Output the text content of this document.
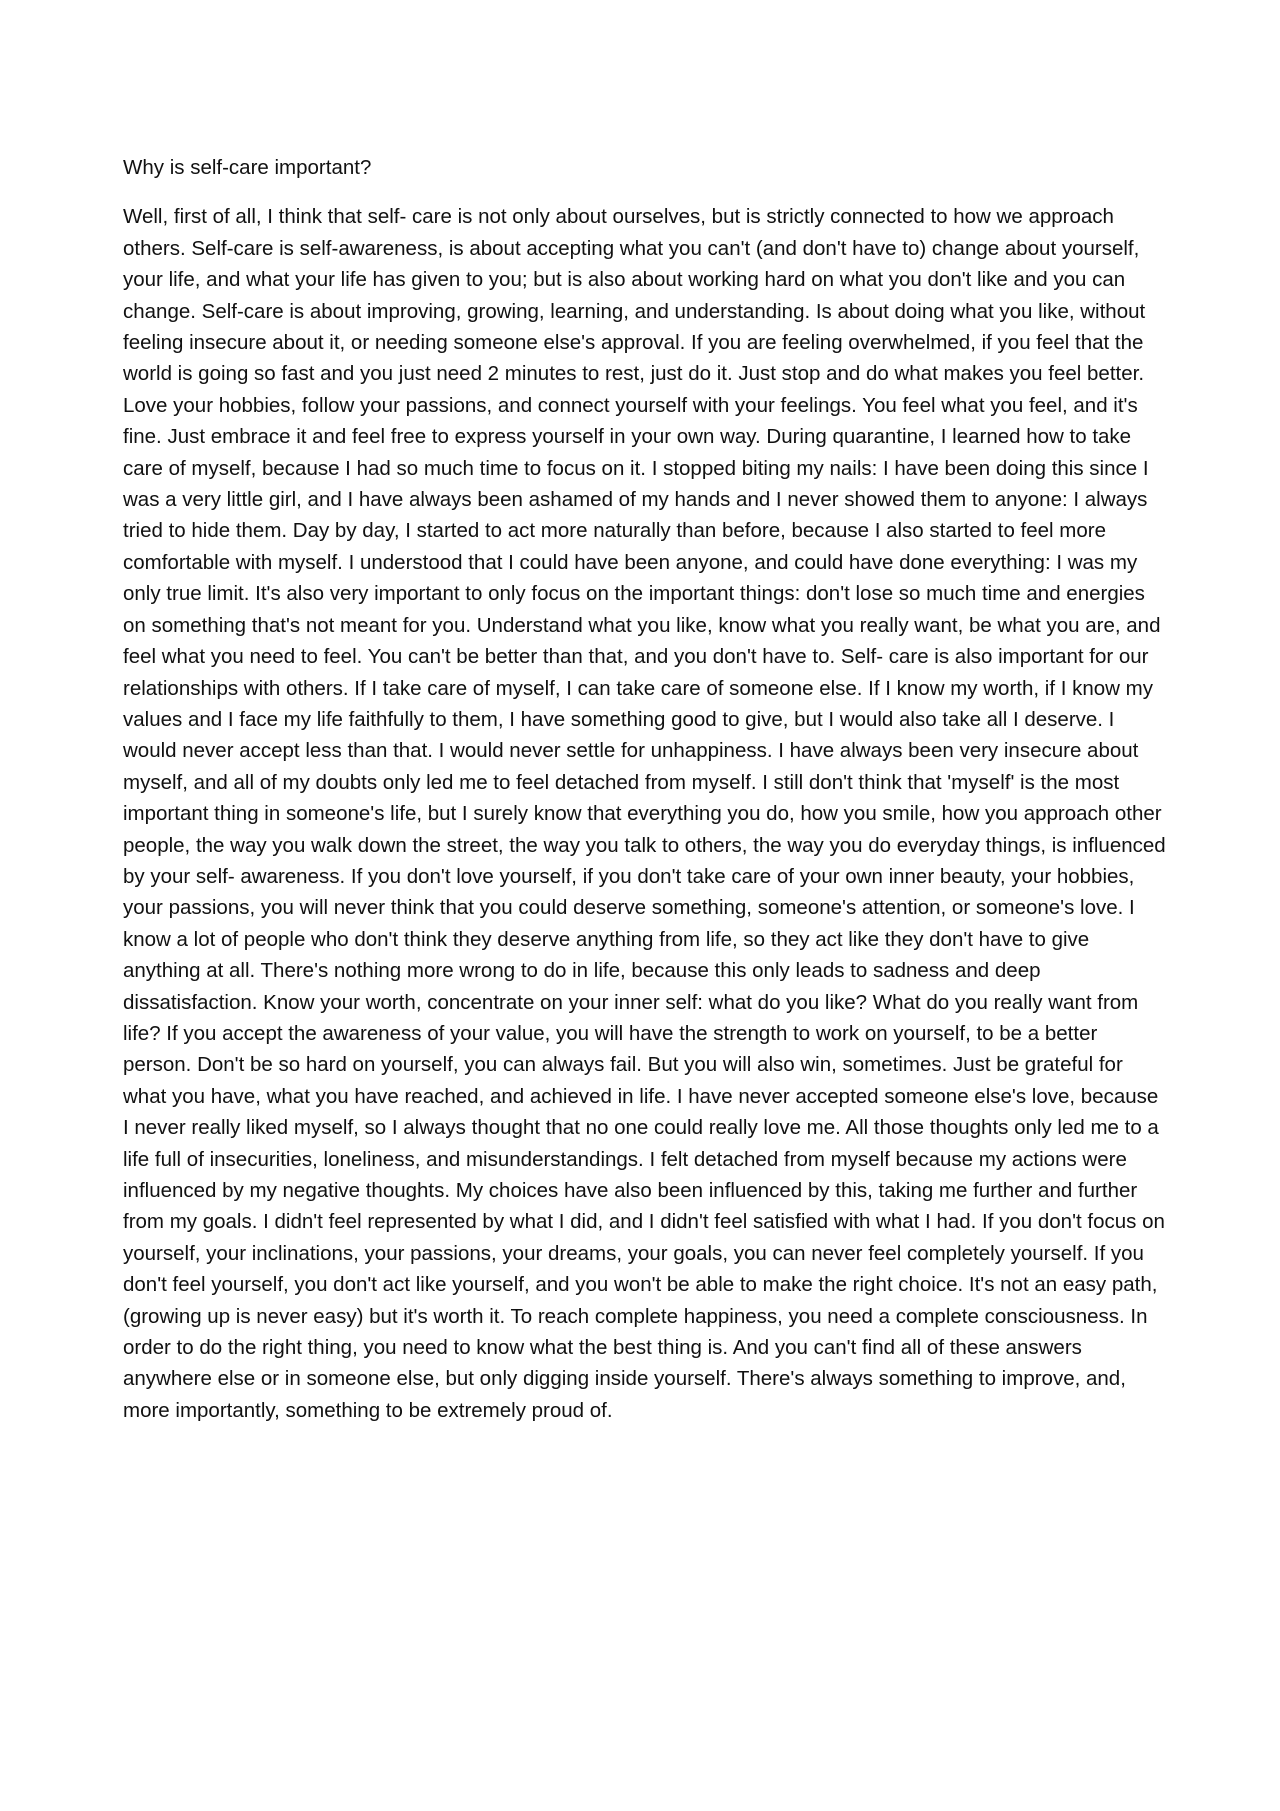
Why is self-care important?

Well, first of all, I think that self- care is not only about ourselves, but is strictly connected to how we approach others. Self-care is self-awareness, is about accepting what you can't (and don't have to) change about yourself, your life, and what your life has given to you; but is also about working hard on what you don't like and you can change. Self-care is about improving, growing, learning, and understanding. Is about doing what you like, without feeling insecure about it, or needing someone else's approval. If you are feeling overwhelmed, if you feel that the world is going so fast and you just need 2 minutes to rest, just do it. Just stop and do what makes you feel better. Love your hobbies, follow your passions, and connect yourself with your feelings. You feel what you feel, and it's fine. Just embrace it and feel free to express yourself in your own way. During quarantine, I learned how to take care of myself, because I had so much time to focus on it. I stopped biting my nails: I have been doing this since I was a very little girl, and I have always been ashamed of my hands and I never showed them to anyone: I always tried to hide them. Day by day, I started to act more naturally than before, because I also started to feel more comfortable with myself. I understood that I could have been anyone, and could have done everything: I was my only true limit. It's also very important to only focus on the important things: don't lose so much time and energies on something that's not meant for you. Understand what you like, know what you really want, be what you are, and feel what you need to feel. You can't be better than that, and you don't have to. Self- care is also important for our relationships with others. If I take care of myself, I can take care of someone else. If I know my worth, if I know my values and I face my life faithfully to them, I have something good to give, but I would also take all I deserve. I would never accept less than that. I would never settle for unhappiness. I have always been very insecure about myself, and all of my doubts only led me to feel detached from myself. I still don't think that 'myself' is the most important thing in someone's life, but I surely know that everything you do, how you smile, how you approach other people, the way you walk down the street, the way you talk to others, the way you do everyday things, is influenced by your self- awareness. If you don't love yourself, if you don't take care of your own inner beauty, your hobbies, your passions, you will never think that you could deserve something, someone's attention, or someone's love. I know a lot of people who don't think they deserve anything from life, so they act like they don't have to give anything at all. There's nothing more wrong to do in life, because this only leads to sadness and deep dissatisfaction. Know your worth, concentrate on your inner self: what do you like? What do you really want from life? If you accept the awareness of your value, you will have the strength to work on yourself, to be a better person. Don't be so hard on yourself, you can always fail. But you will also win, sometimes. Just be grateful for what you have, what you have reached, and achieved in life. I have never accepted someone else's love, because I never really liked myself, so I always thought that no one could really love me. All those thoughts only led me to a life full of insecurities, loneliness, and misunderstandings. I felt detached from myself because my actions were influenced by my negative thoughts. My choices have also been influenced by this, taking me further and further from my goals. I didn't feel represented by what I did, and I didn't feel satisfied with what I had. If you don't focus on yourself, your inclinations, your passions, your dreams, your goals, you can never feel completely yourself. If you don't feel yourself, you don't act like yourself, and you won't be able to make the right choice. It's not an easy path, (growing up is never easy) but it's worth it. To reach complete happiness, you need a complete consciousness. In order to do the right thing, you need to know what the best thing is. And you can't find all of these answers anywhere else or in someone else, but only digging inside yourself. There's always something to improve, and, more importantly, something to be extremely proud of.
